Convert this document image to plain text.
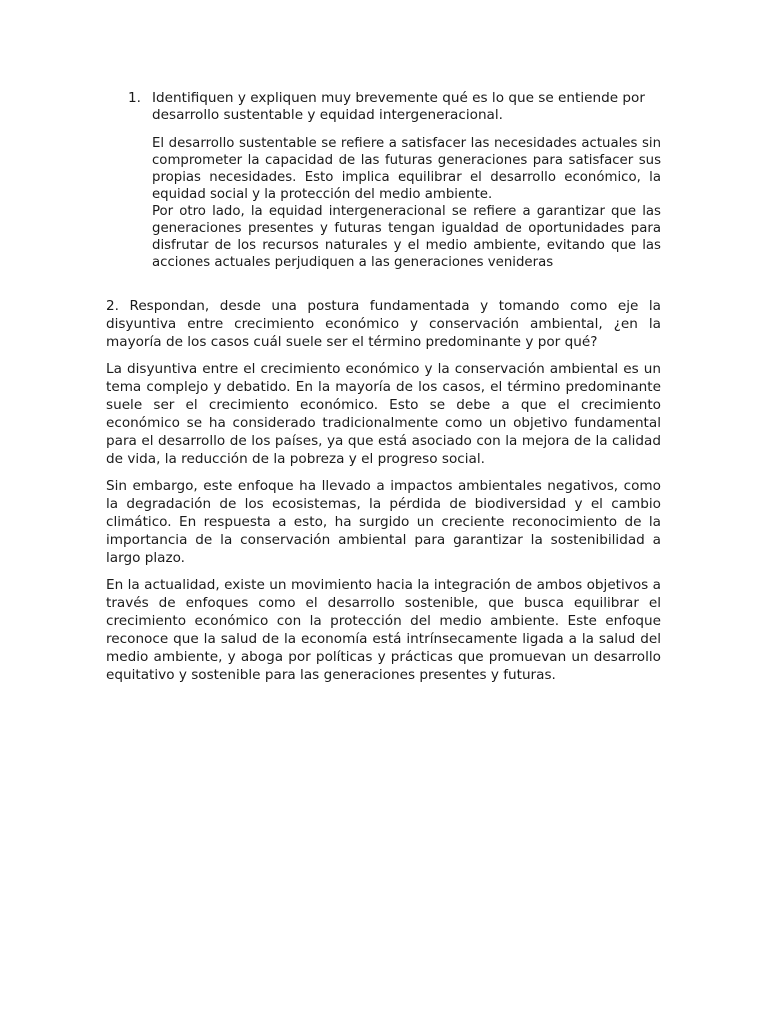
1. Identifiquen y expliquen muy brevemente qué es lo que se entiende por desarrollo sustentable y equidad intergeneracional.

El desarrollo sustentable se refiere a satisfacer las necesidades actuales sin comprometer la capacidad de las futuras generaciones para satisfacer sus propias necesidades. Esto implica equilibrar el desarrollo económico, la equidad social y la protección del medio ambiente.

Por otro lado, la equidad intergeneracional se refiere a garantizar que las generaciones presentes y futuras tengan igualdad de oportunidades para disfrutar de los recursos naturales y el medio ambiente, evitando que las acciones actuales perjudiquen a las generaciones venideras

2. Respondan, desde una postura fundamentada y tomando como eje la disyuntiva entre crecimiento económico y conservación ambiental, ¿en la mayoría de los casos cuál suele ser el término predominante y por qué?

La disyuntiva entre el crecimiento económico y la conservación ambiental es un tema complejo y debatido. En la mayoría de los casos, el término predominante suele ser el crecimiento económico. Esto se debe a que el crecimiento económico se ha considerado tradicionalmente como un objetivo fundamental para el desarrollo de los países, ya que está asociado con la mejora de la calidad de vida, la reducción de la pobreza y el progreso social.

Sin embargo, este enfoque ha llevado a impactos ambientales negativos, como la degradación de los ecosistemas, la pérdida de biodiversidad y el cambio climático. En respuesta a esto, ha surgido un creciente reconocimiento de la importancia de la conservación ambiental para garantizar la sostenibilidad a largo plazo.

En la actualidad, existe un movimiento hacia la integración de ambos objetivos a través de enfoques como el desarrollo sostenible, que busca equilibrar el crecimiento económico con la protección del medio ambiente. Este enfoque reconoce que la salud de la economía está intrínsecamente ligada a la salud del medio ambiente, y aboga por políticas y prácticas que promuevan un desarrollo equitativo y sostenible para las generaciones presentes y futuras.
